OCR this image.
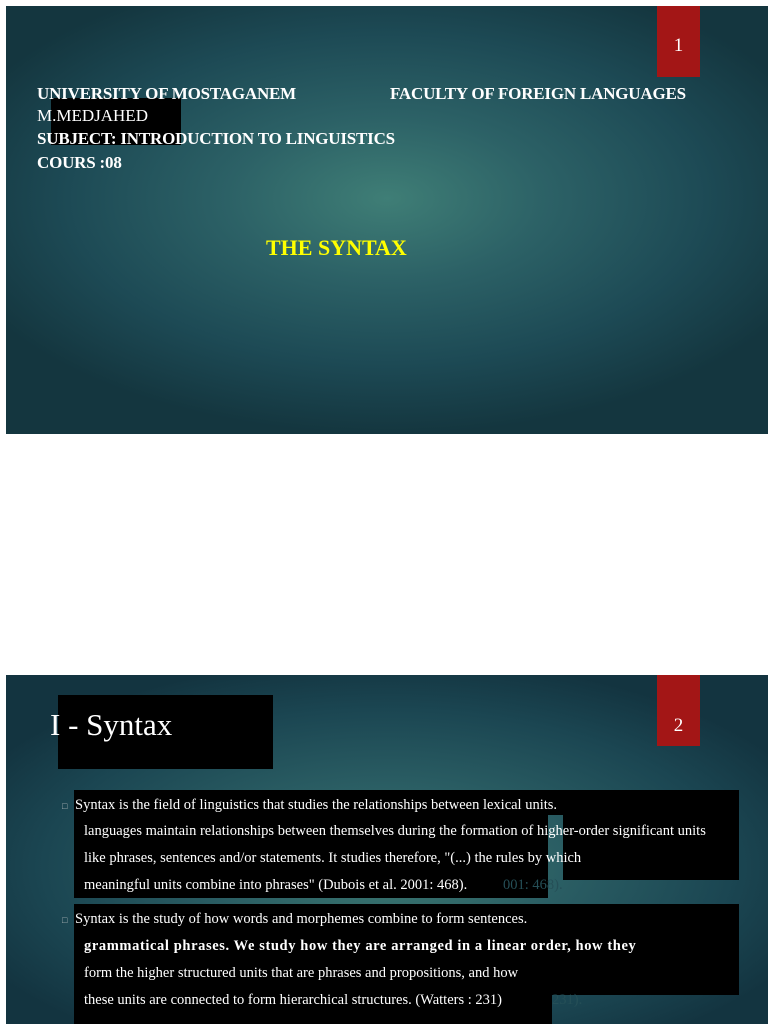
1
UNIVERSITY OF MOSTAGANEM	FACULTY OF FOREIGN LANGUAGES
M.MEDJAHED
SUBJECT: INTRODUCTION TO LINGUISTICS
COURS :08
THE SYNTAX
2
I - Syntax
□ Syntax is the field of linguistics that studies the relationships between lexical units.
languages maintain relationships between themselves during the formation of higher-order significant units
like phrases, sentences and/or statements. It studies therefore, "(...) the rules by which
meaningful units combine into phrases" (Dubois et al. 2001: 468). 001: 468).
□ Syntax is the study of how words and morphemes combine to form sentences.
grammatical phrases. We study how they are arranged in a linear order, how they
form the higher structured units that are phrases and propositions, and how
these units are connected to form hierarchical structures. (Watters : 231)	231).
